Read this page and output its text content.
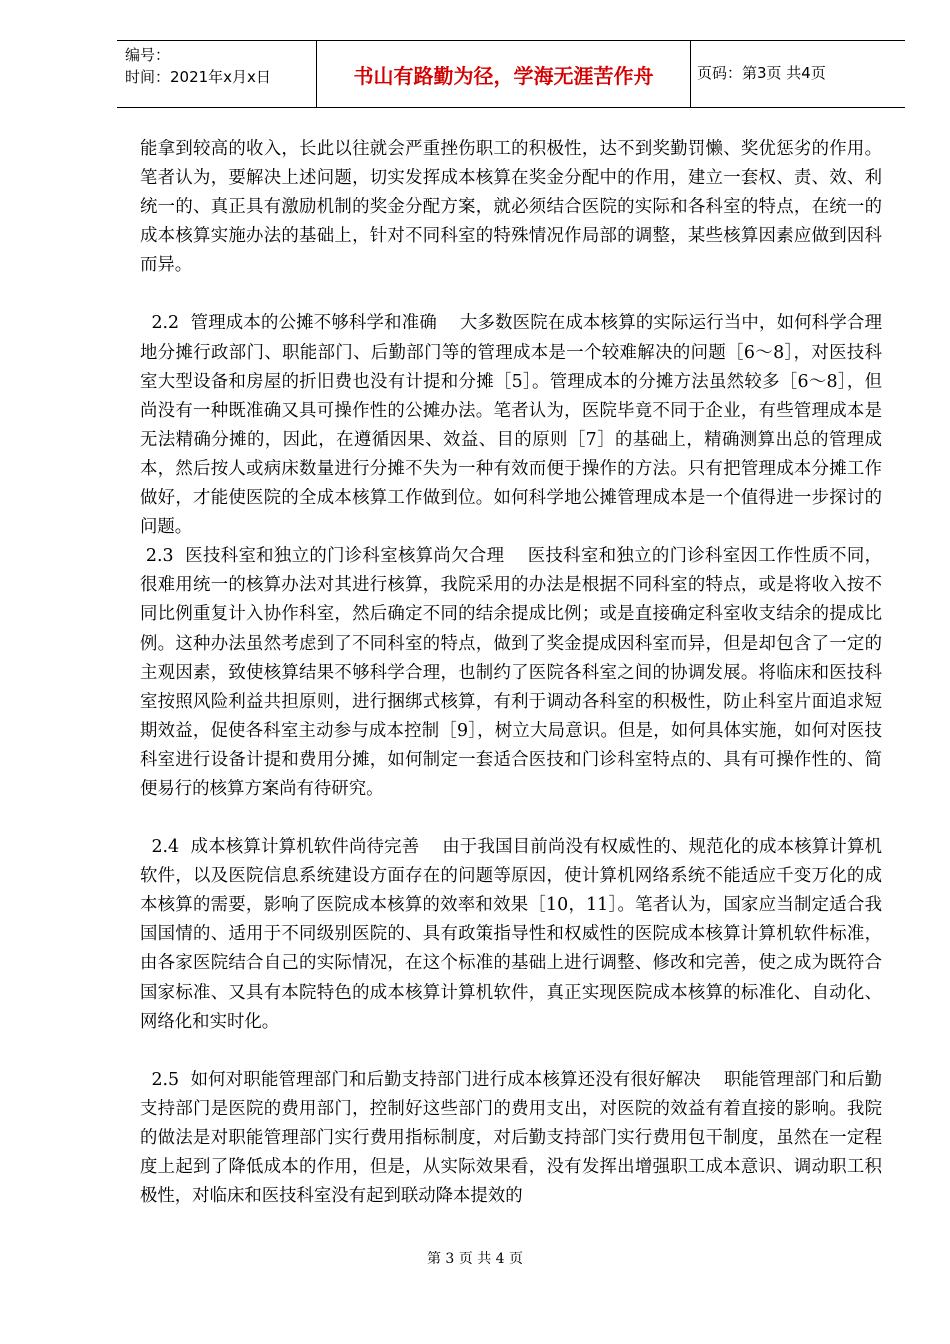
编号：
时间：2021年x月x日	书山有路勤为径，学海无涯苦作舟	页码：第3页 共4页

能拿到较高的收入，长此以往就会严重挫伤职工的积极性，达不到奖勤罚懒、奖优惩劣的作用。笔者认为，要解决上述问题，切实发挥成本核算在奖金分配中的作用，建立一套权、责、效、利统一的、真正具有激励机制的奖金分配方案，就必须结合医院的实际和各科室的特点，在统一的成本核算实施办法的基础上，针对不同科室的特殊情况作局部的调整，某些核算因素应做到因科而异。

2.2  管理成本的公摊不够科学和准确    大多数医院在成本核算的实际运行当中，如何科学合理地分摊行政部门、职能部门、后勤部门等的管理成本是一个较难解决的问题［6～8］，对医技科室大型设备和房屋的折旧费也没有计提和分摊［5］。管理成本的分摊方法虽然较多［6～8］，但尚没有一种既准确又具可操作性的公摊办法。笔者认为，医院毕竟不同于企业，有些管理成本是无法精确分摊的，因此，在遵循因果、效益、目的原则［7］的基础上，精确测算出总的管理成本，然后按人或病床数量进行分摊不失为一种有效而便于操作的方法。只有把管理成本分摊工作做好，才能使医院的全成本核算工作做到位。如何科学地公摊管理成本是一个值得进一步探讨的问题。

2.3  医技科室和独立的门诊科室核算尚欠合理    医技科室和独立的门诊科室因工作性质不同，很难用统一的核算办法对其进行核算，我院采用的办法是根据不同科室的特点，或是将收入按不同比例重复计入协作科室，然后确定不同的结余提成比例；或是直接确定科室收支结余的提成比例。这种办法虽然考虑到了不同科室的特点，做到了奖金提成因科室而异，但是却包含了一定的主观因素，致使核算结果不够科学合理，也制约了医院各科室之间的协调发展。将临床和医技科室按照风险利益共担原则，进行捆绑式核算，有利于调动各科室的积极性，防止科室片面追求短期效益，促使各科室主动参与成本控制［9］，树立大局意识。但是，如何具体实施，如何对医技科室进行设备计提和费用分摊，如何制定一套适合医技和门诊科室特点的、具有可操作性的、简便易行的核算方案尚有待研究。

2.4  成本核算计算机软件尚待完善    由于我国目前尚没有权威性的、规范化的成本核算计算机软件，以及医院信息系统建设方面存在的问题等原因，使计算机网络系统不能适应千变万化的成本核算的需要，影响了医院成本核算的效率和效果［10，11］。笔者认为，国家应当制定适合我国国情的、适用于不同级别医院的、具有政策指导性和权威性的医院成本核算计算机软件标准，由各家医院结合自己的实际情况，在这个标准的基础上进行调整、修改和完善，使之成为既符合国家标准、又具有本院特色的成本核算计算机软件，真正实现医院成本核算的标准化、自动化、网络化和实时化。

2.5  如何对职能管理部门和后勤支持部门进行成本核算还没有很好解决    职能管理部门和后勤支持部门是医院的费用部门，控制好这些部门的费用支出，对医院的效益有着直接的影响。我院的做法是对职能管理部门实行费用指标制度，对后勤支持部门实行费用包干制度，虽然在一定程度上起到了降低成本的作用，但是，从实际效果看，没有发挥出增强职工成本意识、调动职工积极性，对临床和医技科室没有起到联动降本提效的

第 3 页 共 4 页
